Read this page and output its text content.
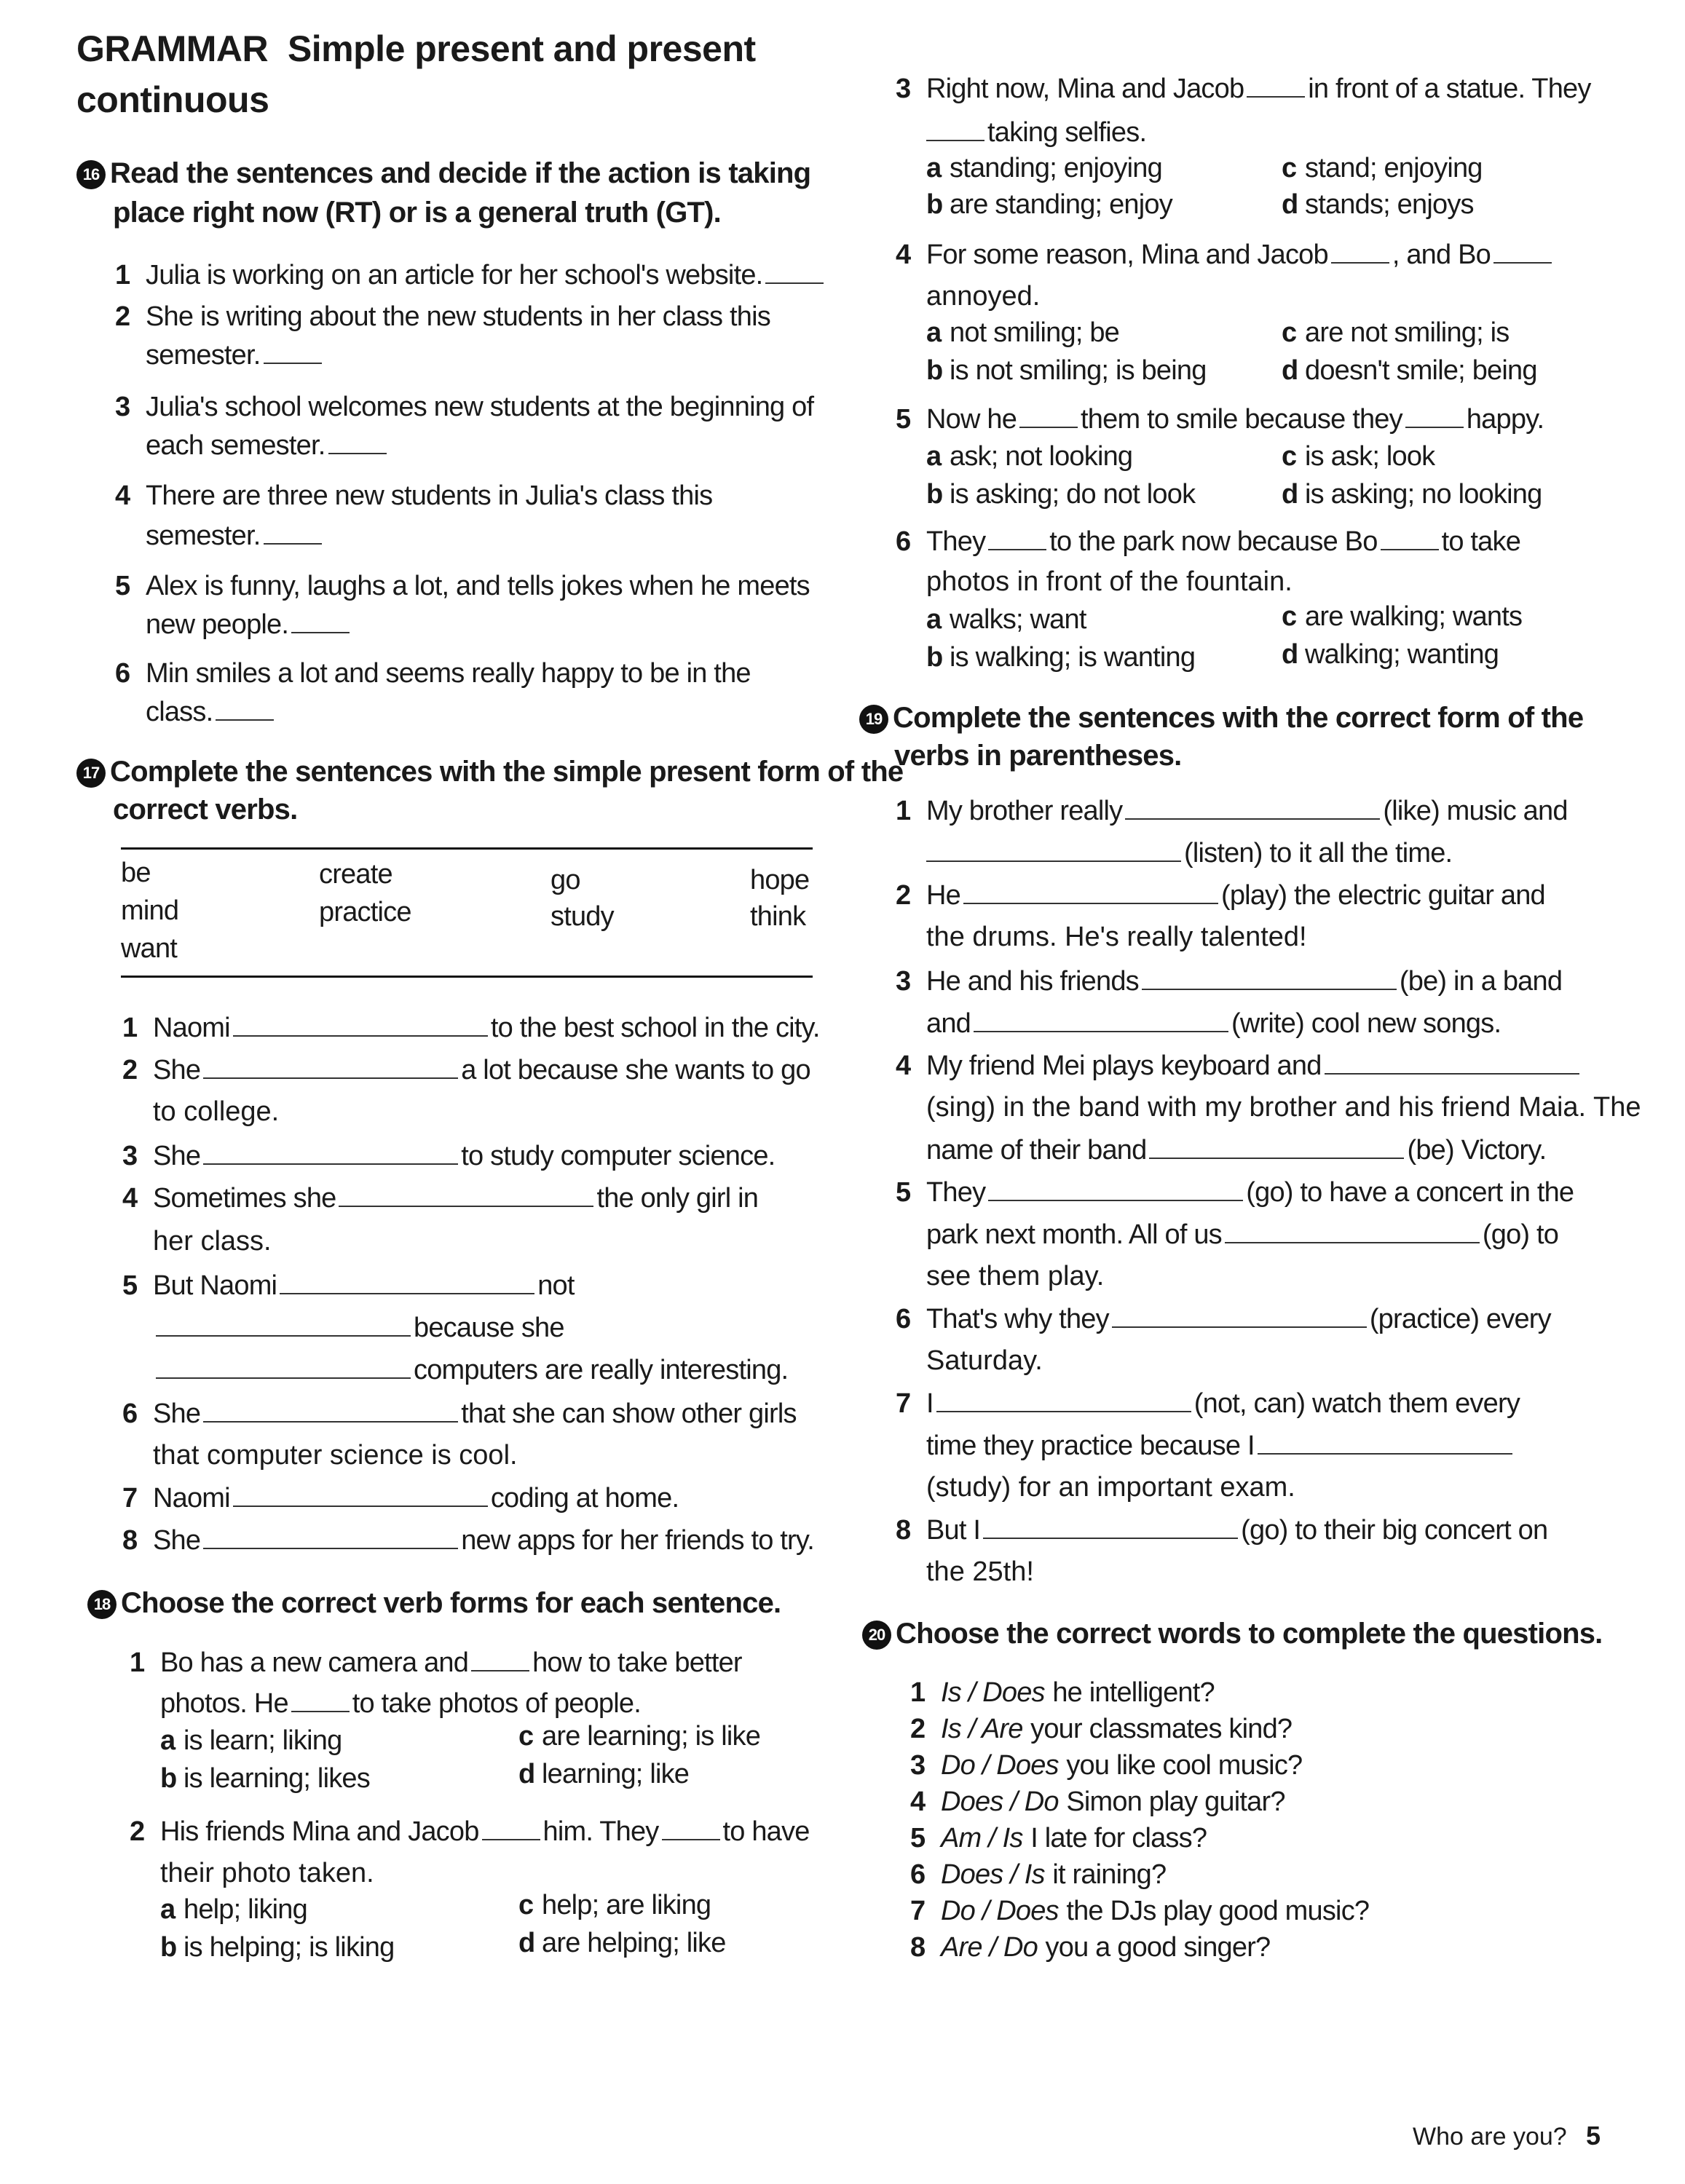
GRAMMAR Simple present and present
continuous
16 Read the sentences and decide if the action is taking
place right now (RT) or is a general truth (GT).
1 Julia is working on an article for her school's website.
2 She is writing about the new students in her class this
semester.
3 Julia's school welcomes new students at the beginning of
each semester.
4 There are three new students in Julia's class this
semester.
5 Alex is funny, laughs a lot, and tells jokes when he meets
new people.
6 Min smiles a lot and seems really happy to be in the
class.
17 Complete the sentences with the simple present form of the
correct verbs.
be	create	go	hope
mind	practice	study	think
want
1 Naomi	to the best school in the city.
2 She	a lot because she wants to go
to college.
3 She	to study computer science.
4 Sometimes she	the only girl in
her class.
5 But Naomi	not
because she
computers are really interesting.
6 She	that she can show other girls
that computer science is cool.
7 Naomi	coding at home.
8 She	new apps for her friends to try.
18 Choose the correct verb forms for each sentence.
1 Bo has a new camera and how to take better
photos. He to take photos of people.
a is learn; liking
b is learning; likes
c are learning; is like
d learning; like
2 His friends Mina and Jacob him. They to have
their photo taken.
a help; liking
b is helping; is liking
c help; are liking
d are helping; like
3 Right now, Mina and Jacob in front of a statue. They
taking selfies.
a standing; enjoying
b are standing; enjoy
c stand; enjoying
d stands; enjoys
4 For some reason, Mina and Jacob , and Bo
annoyed.
a not smiling; be
b is not smiling; is being
c are not smiling; is
d doesn't smile; being
5 Now he them to smile because they happy.
a ask; not looking
b is asking; do not look
c is ask; look
d is asking; no looking
6 They to the park now because Bo to take
photos in front of the fountain.
a walks; want
b is walking; is wanting
c are walking; wants
d walking; wanting
19 Complete the sentences with the correct form of the
verbs in parentheses.
1 My brother really	(like) music and
(listen) to it all the time.
2 He	(play) the electric guitar and
the drums. He's really talented!
3 He and his friends	(be) in a band
and	(write) cool new songs.
4 My friend Mei plays keyboard and
(sing) in the band with my brother and his friend Maia. The
name of their band	(be) Victory.
5 They	(go) to have a concert in the
park next month. All of us	(go) to
see them play.
6 That's why they	(practice) every
Saturday.
7 I	(not, can) watch them every
time they practice because I
(study) for an important exam.
8 But I	(go) to their big concert on
the 25th!
20 Choose the correct words to complete the questions.
1 Is / Does he intelligent?
2 Is / Are your classmates kind?
3 Do / Does you like cool music?
4 Does / Do Simon play guitar?
5 Am / Is I late for class?
6 Does / Is it raining?
7 Do / Does the DJs play good music?
8 Are / Do you a good singer?
Who are you? 5
